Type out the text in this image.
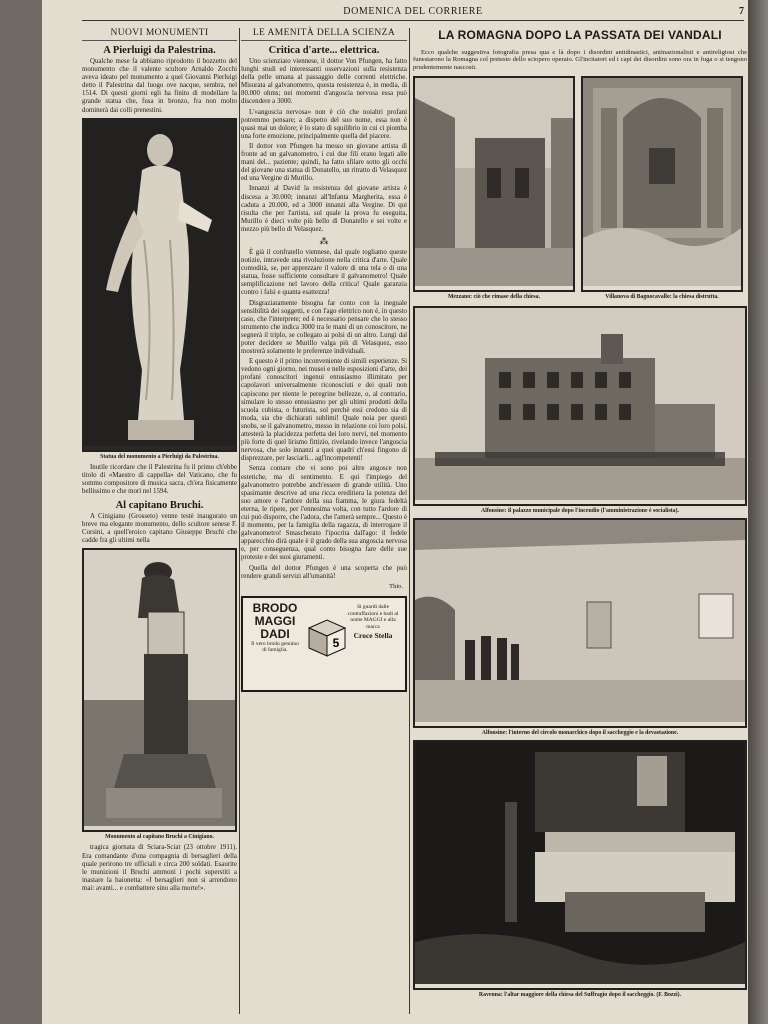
DOMENICA DEL CORRIERE	7
NUOVI MONUMENTI
A Pierluigi da Palestrina.

Qualche mese fa abbiamo riprodotto il bozzetto del monumento che il valente scultore Arnaldo Zocchi aveva ideato pel monumento a quel Giovanni Pierluigi detto il Palestrina dal luogo ove nacque, sembra, nel 1514. Di questi giorni egli ha finito di modellare la grande statua che, fusa in bronzo, fra non molto dominerà dai colli prenestini.

Statua del monumento a Pierluigi da Palestrina.

Inutile ricordare che il Palestrina fu il primo ch'ebbe titolo di «Maestro di cappella» del Vaticano, che fu sommo compositore di musica sacra, ch'era fisicamente bellissimo e che morì nel 1594.

Al capitano Bruchi.

A Cinigiano (Grosseto) venne testè inaugurato un breve ma elegante monumento, dello scultore senese F. Corsini, a quell'eroico capitano Giuseppe Bruchi che cadde fra gli ultimi nella

Monumento al capitano Bruchi a Cinigiano.

tragica giornata di Sciara-Sciat (23 ottobre 1911). Era comandante d'una compagnia di bersaglieri della quale perirono tre ufficiali e circa 200 soldati. Esaurite le munizioni il Bruchi ammonì i pochi superstiti a inastare la baionetta: «I bersaglieri non si arrendono mai: avanti... e combattere sino alla morte!».

LE AMENITÀ DELLA SCIENZA
Critica d'arte... elettrica.

Uno scienziato viennese, il dottor Von Pfungen, ha fatto lunghi studi ed interessanti osservazioni sulla resistenza della pelle umana al passaggio delle correnti elettriche. Misurata al galvanometro, questa resistenza è, in media, di 80.000 ohms; nei momenti d'angoscia nervosa essa può discendere a 3000.

L'«angoscia nervosa» non è ciò che noialtri profani potremmo pensare; a dispetto del suo nome, essa non è quasi mai un dolore; è lo stato di squilibrio in cui ci piomba una forte emozione, principalmente quella del piacere.

Il dottor von Pfungen ha messo un giovane artista di fronte ad un galvanometro, i cui due fili erano legati alle mani del... paziente; quindi, ha fatto sfilare sotto gli occhi del giovane una statua di Donatello, un ritratto di Velasquez ed una Vergine di Murillo.

Innanzi al David la resistenza del giovane artista è discesa a 30.000; innanzi all'Infanta Margherita, essa è caduta a 20.000, ed a 3000 innanzi alla Vergine. Di qui risulta che per l'artista, sul quale la prova fu eseguita, Murillo è dieci volte più bello di Donatello e sei volte e mezzo più bello di Velasquez.

⁂

È già il confratello viennese, dal quale togliamo queste notizie, intravede una rivoluzione nella critica d'arte. Quale comodità, se, per apprezzare il valore di una tela o di una statua, fosse sufficiente consultare il galvanometro! Quale semplificazione nel lavoro della critica! Quale garanzia contro i falsi e quanta esattezza!

Disgraziatamente bisogna far conto con la ineguale sensibilità dei soggetti, e con l'ago elettrico non è, in questo caso, che l'interprete; ed è necessario pensare che lo stesso strumento che indica 3000 tra le mani di un conoscitore, ne segnerà il triplo, se collegato ai polsi di un altro. Lungi dal poter decidere se Murillo valga più di Velasquez, esso mostrerà solamente le preferenze individuali.

E questo è il primo inconveniente di simili esperienze. Si vedono ogni giorno, nei musei e nelle esposizioni d'arte, dei profani conoscitori ingenui entusiasmo illimitato per capolavori universalmente riconosciuti e dei quali non capiscono per niente le peregrine bellezze, o, al contrario, simulare lo stesso entusiasmo per gli ultimi prodotti della scuola cubista, o futurista, sol perchè essi credono sia di moda, sia che dichiarati sublimi! Quale noia per questi snobs, se il galvanometro, messo in relazione coi loro polsi, attesterà la placidezza perfetta dei loro nervi, nel momento più forte di quel lirismo fittizio, rivelando invece l'angoscia nervosa, che solo innanzi a quei quadri ch'essi fingono di disprezzare, per lasciarli... agl'incompetenti!

Senza contare che vi sono poi altre angosce non estetiche, ma di sentimento. E qui l'impiego del galvanometro potrebbe anch'essere di grande utilità. Uno spasimante descrive ad una ricca ereditiera la potenza del suo amore e l'ardore della sua fiamma, le giura fedeltà eterna, le ripete, per l'ennesima volta, con tutto l'ardore di cui può disporre, che l'adora, che l'amerà sempre... Questo è il momento, per la famiglia della ragazza, di interrogare il galvanometro! Smascherato l'ipocrita dall'ago: il fedele apparecchio dirà quale è il grado della sua angoscia nervosa e, per conseguenza, qual conto bisogna fare delle sue proteste e dei suoi giuramenti.

Quella del dottor Pfungen è una scoperta che può rendere grandi servizi all'umanità!

Thio.
BRODO
MAGGI
DADI
Il vero brodo genuino di famiglia.
5
Si guardi dalle contraffazioni e badi al nome MAGGI e alla marca
Croce Stella
LA ROMAGNA DOPO LA PASSATA DEI VANDALI

Ecco qualche suggestiva fotografia presa qua e là dopo i disordini antidinastici, antinazionalisti e antireligiosi che funestarono la Romagna col pretesto dello sciopero operaio. Gl'incitatori ed i capi dei disordini sono ora in fuga o si tengono prudentemente nascosti.

Mezzano: ciò che rimase della chiesa.	Villanova di Bagnocavallo: la chiesa distrutta.
Alfonsine: il palazzo municipale dopo l'incendio (l'amministrazione è socialista).
Alfonsine: l'interno del circolo monarchico dopo il saccheggio e la devastazione.
Ravenna: l'altar maggiore della chiesa del Suffragio dopo il saccheggio. (F. Bozzi).
